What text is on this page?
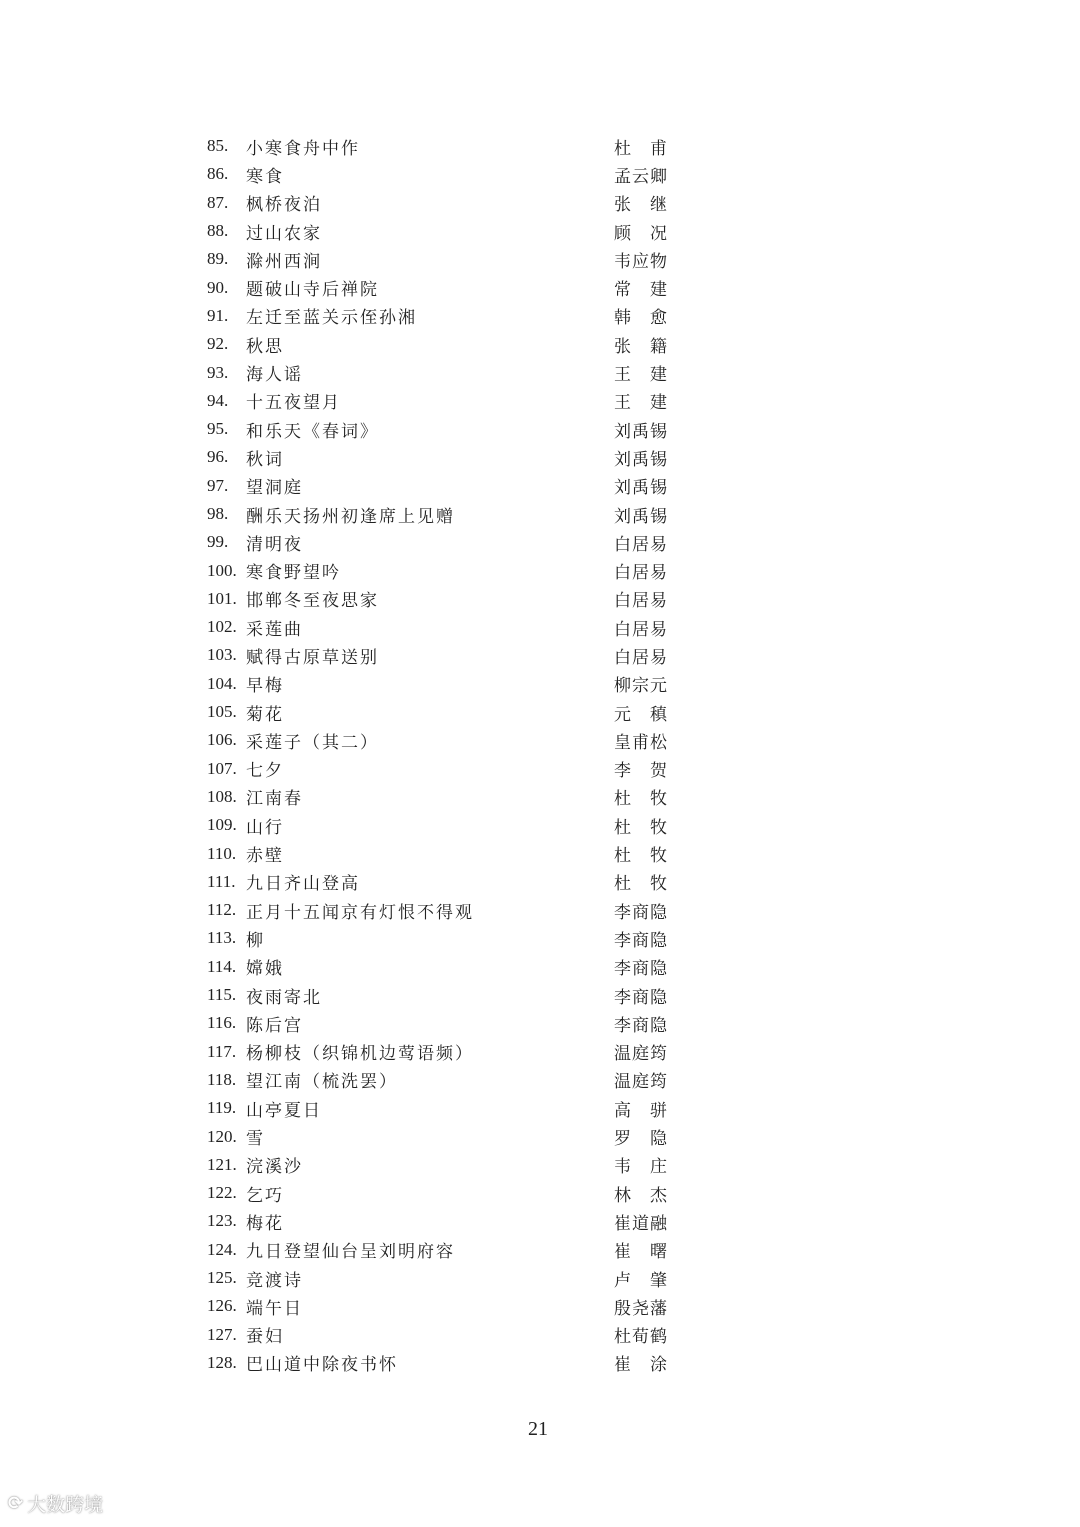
85.	小寒食舟中作	杜甫
86.	寒食	孟云卿
87.	枫桥夜泊	张继
88.	过山农家	顾况
89.	滁州西涧	韦应物
90.	题破山寺后禅院	常建
91.	左迁至蓝关示侄孙湘	韩愈
92.	秋思	张籍
93.	海人谣	王建
94.	十五夜望月	王建
95.	和乐天《春词》	刘禹锡
96.	秋词	刘禹锡
97.	望洞庭	刘禹锡
98.	酬乐天扬州初逢席上见赠	刘禹锡
99.	清明夜	白居易
100. 寒食野望吟	白居易
101. 邯郸冬至夜思家	白居易
102. 采莲曲	白居易
103. 赋得古原草送别	白居易
104. 早梅	柳宗元
105. 菊花	元稹
106. 采莲子（其二）	皇甫松
107. 七夕	李贺
108. 江南春	杜牧
109. 山行	杜牧
110. 赤壁	杜牧
111. 九日齐山登高	杜牧
112. 正月十五闻京有灯恨不得观	李商隐
113. 柳	李商隐
114. 嫦娥	李商隐
115. 夜雨寄北	李商隐
116. 陈后宫	李商隐
117. 杨柳枝（织锦机边莺语频）	温庭筠
118. 望江南（梳洗罢）	温庭筠
119. 山亭夏日	高骈
120. 雪	罗隐
121. 浣溪沙	韦庄
122. 乞巧	林杰
123. 梅花	崔道融
124. 九日登望仙台呈刘明府容	崔曙
125. 竞渡诗	卢肇
126. 端午日	殷尧藩
127. 蚕妇	杜荀鹤
128. 巴山道中除夜书怀	崔涂
21
⟳ 大数跨境
